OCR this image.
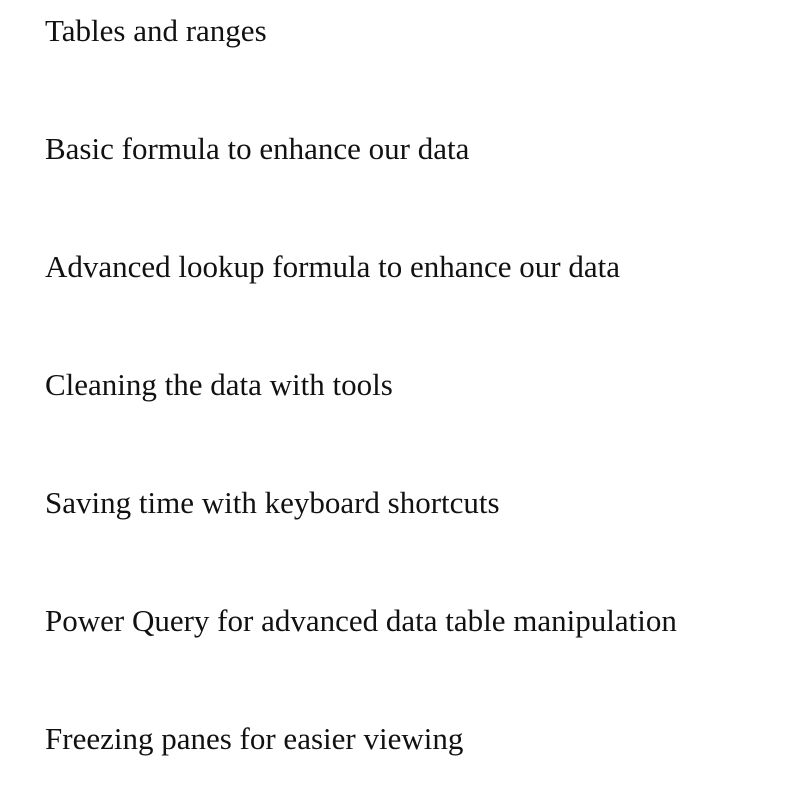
Tables and ranges
Basic formula to enhance our data
Advanced lookup formula to enhance our data
Cleaning the data with tools
Saving time with keyboard shortcuts
Power Query for advanced data table manipulation
Freezing panes for easier viewing
